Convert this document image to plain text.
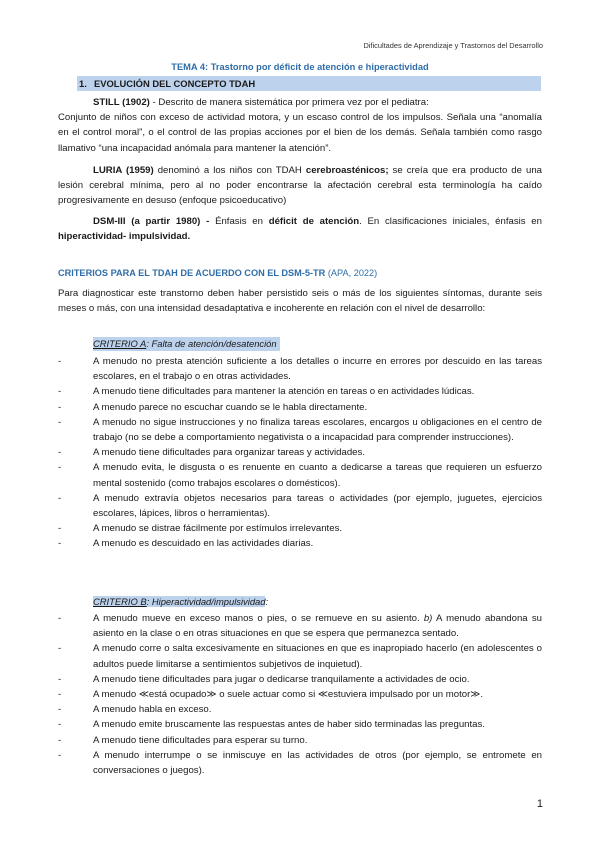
Dificultades de Aprendizaje y Trastornos del Desarrollo
TEMA 4: Trastorno por déficit de atención e hiperactividad
1. EVOLUCIÓN DEL CONCEPTO TDAH
STILL (1902) - Descrito de manera sistemática por primera vez por el pediatra:
Conjunto de niños con exceso de actividad motora, y un escaso control de los impulsos. Señala una “anomalía en el control moral”, o el control de las propias acciones por el bien de los demás. Señala también como rasgo llamativo “una incapacidad anómala para mantener la atención”.
LURIA (1959) denominó a los niños con TDAH cerebroasténicos; se creía que era producto de una lesión cerebral mínima, pero al no poder encontrarse la afectación cerebral esta terminología ha caído progresivamente en desuso (enfoque psicoeducativo)
DSM-III (a partir 1980) - Énfasis en déficit de atención. En clasificaciones iniciales, énfasis en hiperactividad- impulsividad.
CRITERIOS PARA EL TDAH DE ACUERDO CON EL DSM-5-TR (APA, 2022)
Para diagnosticar este transtorno deben haber persistido seis o más de los siguientes síntomas, durante seis meses o más, con una intensidad desadaptativa e incoherente en relación con el nivel de desarrollo:
CRITERIO A: Falta de atención/desatención
-	A menudo no presta atención suficiente a los detalles o incurre en errores por descuido en las tareas escolares, en el trabajo o en otras actividades.
-	A menudo tiene dificultades para mantener la atención en tareas o en actividades lúdicas.
-	A menudo parece no escuchar cuando se le habla directamente.
-	A menudo no sigue instrucciones y no finaliza tareas escolares, encargos u obligaciones en el centro de trabajo (no se debe a comportamiento negativista o a incapacidad para comprender instrucciones).
-	A menudo tiene dificultades para organizar tareas y actividades.
-	A menudo evita, le disgusta o es renuente en cuanto a dedicarse a tareas que requieren un esfuerzo mental sostenido (como trabajos escolares o domésticos).
-	A menudo extravía objetos necesarios para tareas o actividades (por ejemplo, juguetes, ejercicios escolares, lápices, libros o herramientas).
-	A menudo se distrae fácilmente por estímulos irrelevantes.
-	A menudo es descuidado en las actividades diarias.
CRITERIO B: Hiperactividad/impulsividad:
-	A menudo mueve en exceso manos o pies, o se remueve en su asiento. b) A menudo abandona su asiento en la clase o en otras situaciones en que se espera que permanezca sentado.
-	A menudo corre o salta excesivamente en situaciones en que es inapropiado hacerlo (en adolescentes o adultos puede limitarse a sentimientos subjetivos de inquietud).
-	A menudo tiene dificultades para jugar o dedicarse tranquilamente a actividades de ocio.
-	A menudo ≪está ocupado≫ o suele actuar como si ≪estuviera impulsado por un motor≫.
-	A menudo habla en exceso.
-	A menudo emite bruscamente las respuestas antes de haber sido terminadas las preguntas.
-	A menudo tiene dificultades para esperar su turno.
-	A menudo interrumpe o se inmiscuye en las actividades de otros (por ejemplo, se entromete en conversaciones o juegos).
1
